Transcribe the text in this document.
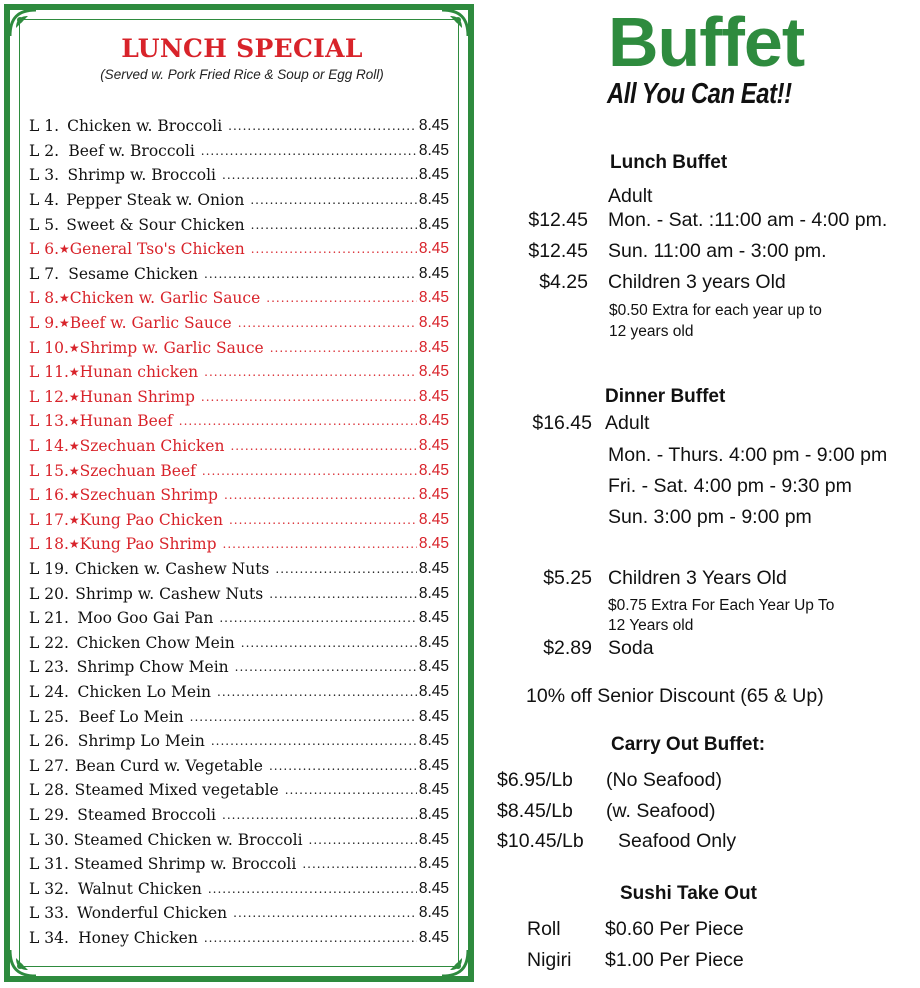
LUNCH SPECIAL
(Served w. Pork Fried Rice & Soup or Egg Roll)
L 1. Chicken w. Broccoli .....	8.45
L 2. Beef w. Broccoli .....	8.45
L 3. Shrimp w. Broccoli .....	8.45
L 4. Pepper Steak w. Onion .....	8.45
L 5. Sweet & Sour Chicken .....	8.45
L 6. ★ General Tso's Chicken .....	8.45
L 7. Sesame Chicken .....	8.45
L 8. ★ Chicken w. Garlic Sauce .....	8.45
L 9. ★ Beef w. Garlic Sauce .....	8.45
L 10. ★ Shrimp w. Garlic Sauce .....	8.45
L 11. ★ Hunan chicken .....	8.45
L 12. ★ Hunan Shrimp .....	8.45
L 13. ★ Hunan Beef .....	8.45
L 14. ★ Szechuan Chicken .....	8.45
L 15. ★ Szechuan Beef .....	8.45
L 16. ★ Szechuan Shrimp .....	8.45
L 17. ★ Kung Pao Chicken .....	8.45
L 18. ★ Kung Pao Shrimp .....	8.45
L 19. Chicken w. Cashew Nuts .....	8.45
L 20. Shrimp w. Cashew Nuts .....	8.45
L 21. Moo Goo Gai Pan .....	8.45
L 22. Chicken Chow Mein .....	8.45
L 23. Shrimp Chow Mein .....	8.45
L 24. Chicken Lo Mein .....	8.45
L 25. Beef Lo Mein .....	8.45
L 26. Shrimp Lo Mein .....	8.45
L 27. Bean Curd w. Vegetable .....	8.45
L 28. Steamed Mixed vegetable .....	8.45
L 29. Steamed Broccoli .....	8.45
L 30. Steamed Chicken w. Broccoli .....	8.45
L 31. Steamed Shrimp w. Broccoli .....	8.45
L 32. Walnut Chicken .....	8.45
L 33. Wonderful Chicken .....	8.45
L 34. Honey Chicken .....	8.45
Buffet
All You Can Eat!!
Lunch Buffet
Adult
$12.45 Mon. - Sat. :11:00 am - 4:00 pm.
$12.45 Sun. 11:00 am - 3:00 pm.
$4.25 Children 3 years Old
$0.50 Extra for each year up to
12 years old
Dinner Buffet
$16.45 Adult
Mon. - Thurs. 4:00 pm - 9:00 pm
Fri. - Sat. 4:00 pm - 9:30 pm
Sun. 3:00 pm - 9:00 pm
$5.25 Children 3 Years Old
$0.75 Extra For Each Year Up To
12 Years old
$2.89 Soda
10% off Senior Discount (65 & Up)
Carry Out Buffet:
$6.95/Lb (No Seafood)
$8.45/Lb (w. Seafood)
$10.45/Lb Seafood Only
Sushi Take Out
Roll $0.60 Per Piece
Nigiri $1.00 Per Piece
